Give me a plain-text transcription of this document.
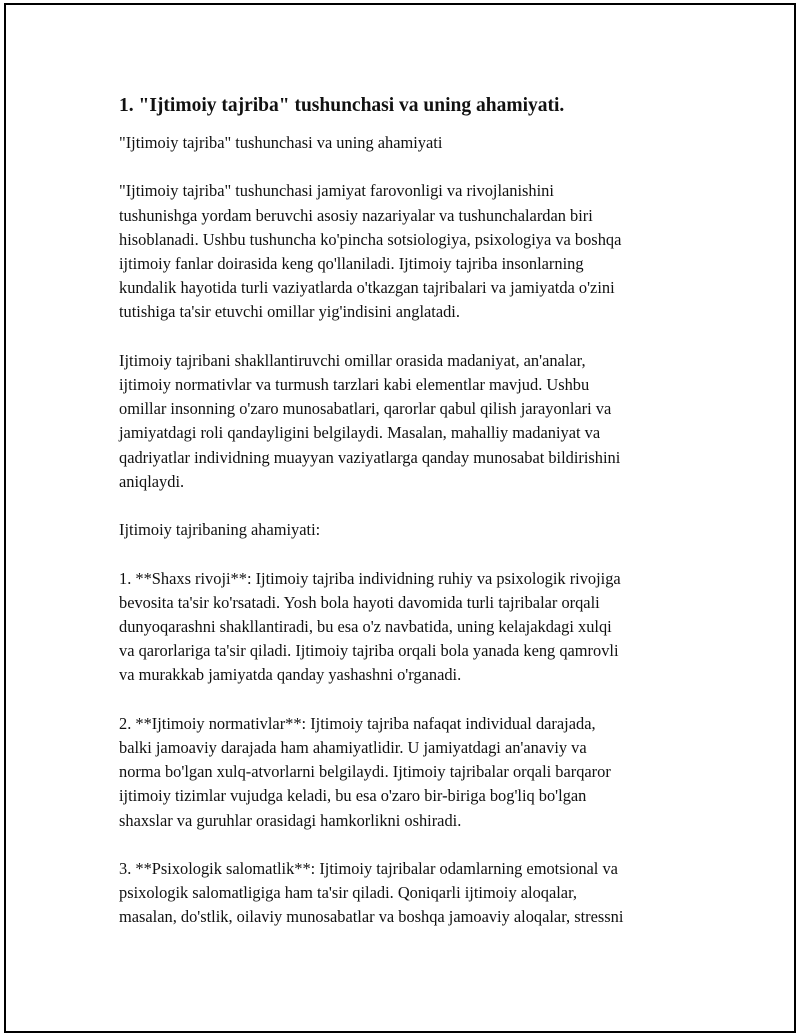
1. "Ijtimoiy tajriba" tushunchasi va uning ahamiyati.
"Ijtimoiy tajriba" tushunchasi va uning ahamiyati
"Ijtimoiy tajriba" tushunchasi jamiyat farovonligi va rivojlanishini
tushunishga yordam beruvchi asosiy nazariyalar va tushunchalardan biri
hisoblanadi. Ushbu tushuncha ko'pincha sotsiologiya, psixologiya va boshqa
ijtimoiy fanlar doirasida keng qo'llaniladi. Ijtimoiy tajriba insonlarning
kundalik hayotida turli vaziyatlarda o'tkazgan tajribalari va jamiyatda o'zini
tutishiga ta'sir etuvchi omillar yig'indisini anglatadi.
Ijtimoiy tajribani shakllantiruvchi omillar orasida madaniyat, an'analar,
ijtimoiy normativlar va turmush tarzlari kabi elementlar mavjud. Ushbu
omillar insonning o'zaro munosabatlari, qarorlar qabul qilish jarayonlari va
jamiyatdagi roli qandayligini belgilaydi. Masalan, mahalliy madaniyat va
qadriyatlar individning muayyan vaziyatlarga qanday munosabat bildirishini
aniqlaydi.
Ijtimoiy tajribaning ahamiyati:
1. **Shaxs rivoji**: Ijtimoiy tajriba individning ruhiy va psixologik rivojiga
bevosita ta'sir ko'rsatadi. Yosh bola hayoti davomida turli tajribalar orqali
dunyoqarashni shakllantiradi, bu esa o'z navbatida, uning kelajakdagi xulqi
va qarorlariga ta'sir qiladi. Ijtimoiy tajriba orqali bola yanada keng qamrovli
va murakkab jamiyatda qanday yashashni o'rganadi.
2. **Ijtimoiy normativlar**: Ijtimoiy tajriba nafaqat individual darajada,
balki jamoaviy darajada ham ahamiyatlidir. U jamiyatdagi an'anaviy va
norma bo'lgan xulq-atvorlarni belgilaydi. Ijtimoiy tajribalar orqali barqaror
ijtimoiy tizimlar vujudga keladi, bu esa o'zaro bir-biriga bog'liq bo'lgan
shaxslar va guruhlar orasidagi hamkorlikni oshiradi.
3. **Psixologik salomatlik**: Ijtimoiy tajribalar odamlarning emotsional va
psixologik salomatligiga ham ta'sir qiladi. Qoniqarli ijtimoiy aloqalar,
masalan, do'stlik, oilaviy munosabatlar va boshqa jamoaviy aloqalar, stressni
